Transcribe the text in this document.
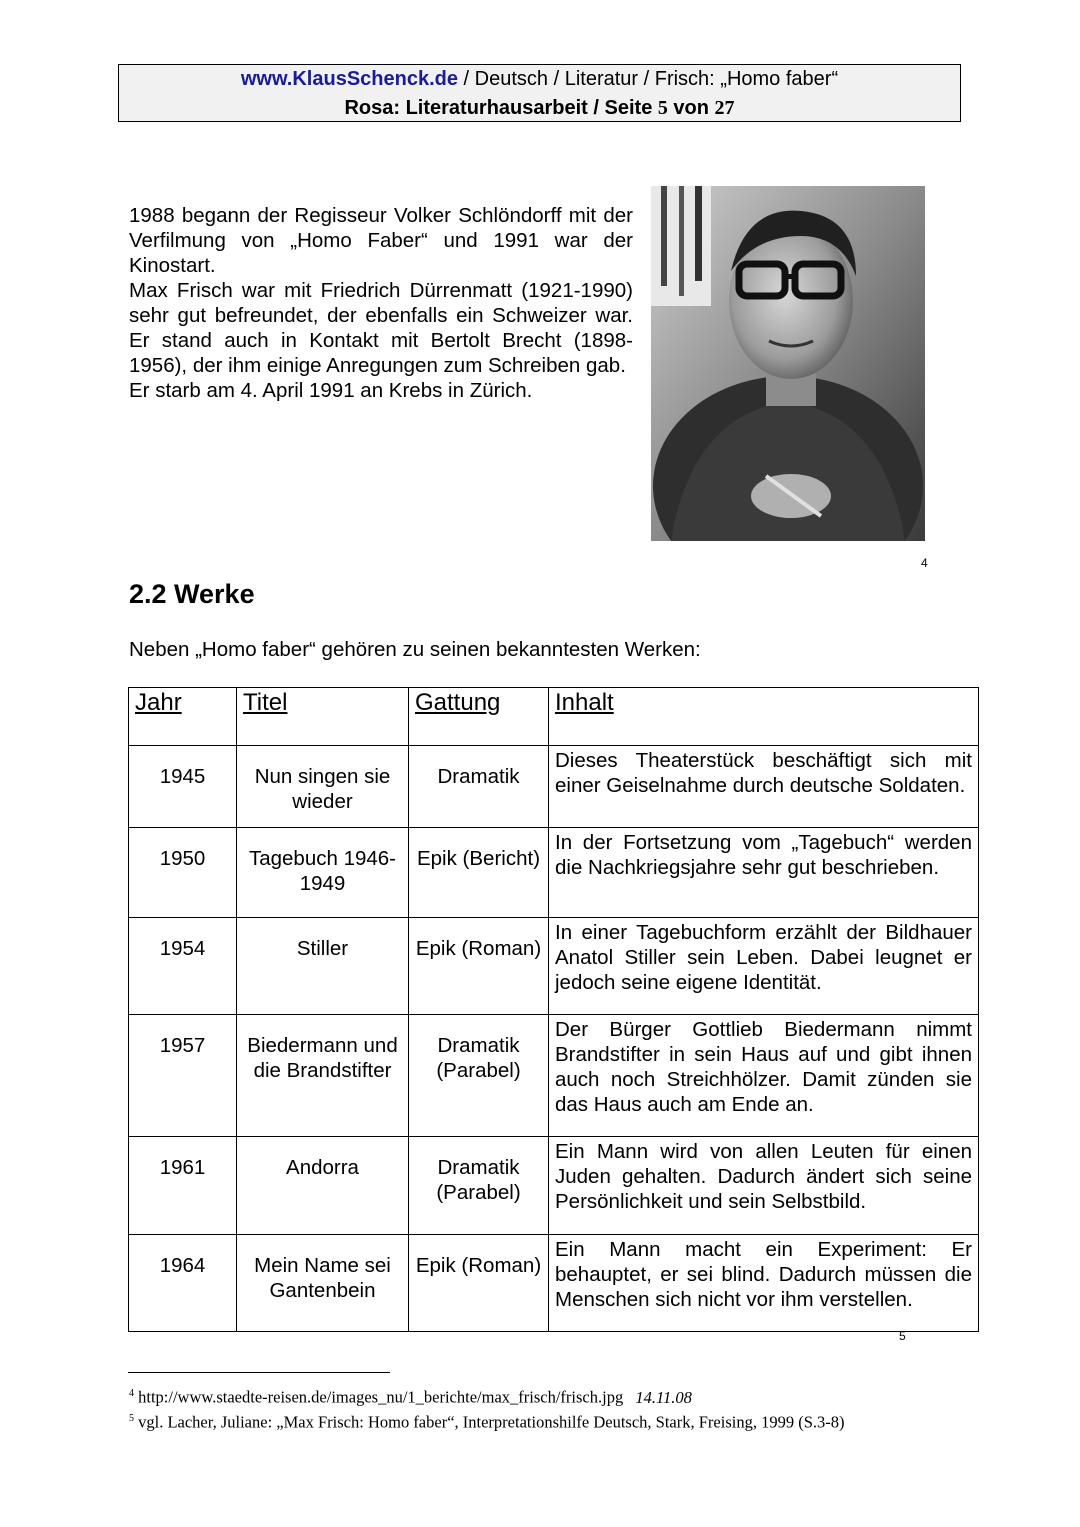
www.KlausSchenck.de / Deutsch / Literatur / Frisch: „Homo faber“
Rosa: Literaturhausarbeit / Seite 5 von 27

1988 begann der Regisseur Volker Schlöndorff mit der Verfilmung von „Homo Faber“ und 1991 war der Kinostart.

Max Frisch war mit Friedrich Dürrenmatt (1921-1990) sehr gut befreundet, der ebenfalls ein Schweizer war. Er stand auch in Kontakt mit Bertolt Brecht (1898-1956), der ihm einige Anregungen zum Schreiben gab.

Er starb am 4. April 1991 an Krebs in Zürich.

4
2.2 Werke
Neben „Homo faber“ gehören zu seinen bekanntesten Werken:
Jahr	Titel	Gattung	Inhalt

1945	Nun singen sie wieder	Dramatik	Dieses Theaterstück beschäftigt sich mit einer Geiselnahme durch deutsche Soldaten.

1950	Tagebuch 1946-1949	Epik (Bericht)	In der Fortsetzung vom „Tagebuch“ werden die Nachkriegsjahre sehr gut beschrieben.

1954	Stiller	Epik (Roman)	In einer Tagebuchform erzählt der Bildhauer Anatol Stiller sein Leben. Dabei leugnet er jedoch seine eigene Identität.

1957	Biedermann und die Brandstifter	Dramatik (Parabel)	Der Bürger Gottlieb Biedermann nimmt Brandstifter in sein Haus auf und gibt ihnen auch noch Streichhölzer. Damit zünden sie das Haus auch am Ende an.

1961	Andorra	Dramatik (Parabel)	Ein Mann wird von allen Leuten für einen Juden gehalten. Dadurch ändert sich seine Persönlichkeit und sein Selbstbild.

1964	Mein Name sei Gantenbein	Epik (Roman)	Ein Mann macht ein Experiment: Er behauptet, er sei blind. Dadurch müssen die Menschen sich nicht vor ihm verstellen.
5
$^4$ http://www.staedte-reisen.de/images_nu/1_berichte/max_frisch/frisch.jpg 14.11.08
$^5$ vgl. Lacher, Juliane: „Max Frisch: Homo faber“, Interpretationshilfe Deutsch, Stark, Freising, 1999 (S.3-8)
